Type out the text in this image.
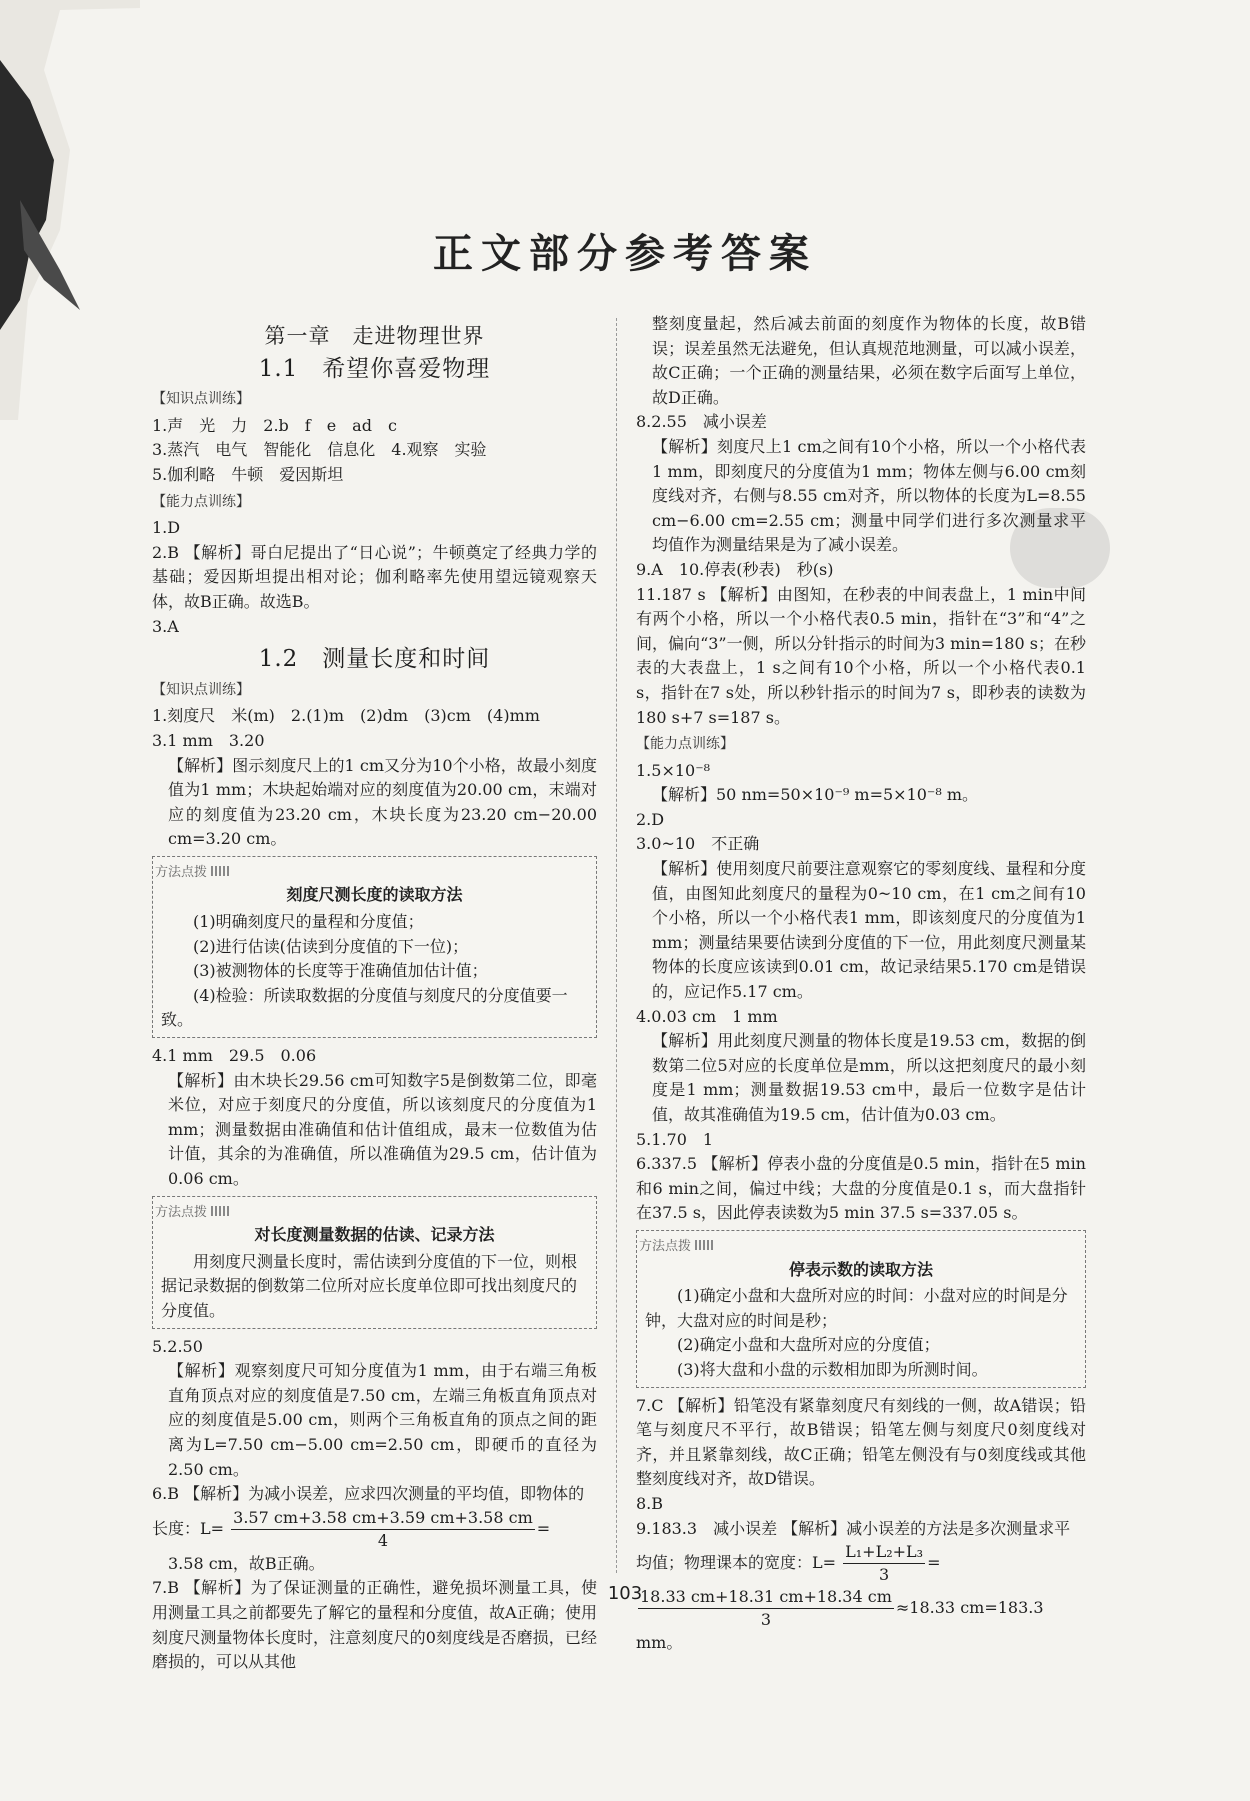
正文部分参考答案
第一章　走进物理世界
1.1　希望你喜爱物理
【知识点训练】

1.声　光　力　2.b　f　e　ad　c

3.蒸汽　电气　智能化　信息化　4.观察　实验

5.伽利略　牛顿　爱因斯坦

【能力点训练】

1.D

2.B 【解析】哥白尼提出了“日心说”；牛顿奠定了经典力学的基础；爱因斯坦提出相对论；伽利略率先使用望远镜观察天体，故B正确。故选B。

3.A

1.2　测量长度和时间
【知识点训练】

1.刻度尺　米(m)　2.(1)m　(2)dm　(3)cm　(4)mm

3.1 mm　3.20

【解析】图示刻度尺上的1 cm又分为10个小格，故最小刻度值为1 mm；木块起始端对应的刻度值为20.00 cm，末端对应的刻度值为23.20 cm，木块长度为23.20 cm−20.00 cm=3.20 cm。

方法点拨
刻度尺测长度的读取方法

(1)明确刻度尺的量程和分度值；

(2)进行估读(估读到分度值的下一位)；

(3)被测物体的长度等于准确值加估计值；

(4)检验：所读取数据的分度值与刻度尺的分度值要一致。

4.1 mm　29.5　0.06

【解析】由木块长29.56 cm可知数字5是倒数第二位，即毫米位，对应于刻度尺的分度值，所以该刻度尺的分度值为1 mm；测量数据由准确值和估计值组成，最末一位数值为估计值，其余的为准确值，所以准确值为29.5 cm，估计值为0.06 cm。

方法点拨
对长度测量数据的估读、记录方法

用刻度尺测量长度时，需估读到分度值的下一位，则根据记录数据的倒数第二位所对应长度单位即可找出刻度尺的分度值。

5.2.50

【解析】观察刻度尺可知分度值为1 mm，由于右端三角板直角顶点对应的刻度值是7.50 cm，左端三角板直角顶点对应的刻度值是5.00 cm，则两个三角板直角的顶点之间的距离为L=7.50 cm−5.00 cm=2.50 cm，即硬币的直径为2.50 cm。

6.B 【解析】为减小误差，应求四次测量的平均值，即物体的长度：$L= \frac{3.57 cm+3.58 cm+3.59 cm+3.58 cm}{4}$ =

3.58 cm，故B正确。

7.B 【解析】为了保证测量的正确性，避免损坏测量工具，使用测量工具之前都要先了解它的量程和分度值，故A正确；使用刻度尺测量物体长度时，注意刻度尺的0刻度线是否磨损，已经磨损的，可以从其他

整刻度量起，然后减去前面的刻度作为物体的长度，故B错误；误差虽然无法避免，但认真规范地测量，可以减小误差，故C正确；一个正确的测量结果，必须在数字后面写上单位，故D正确。

8.2.55　减小误差

【解析】刻度尺上1 cm之间有10个小格，所以一个小格代表1 mm，即刻度尺的分度值为1 mm；物体左侧与6.00 cm刻度线对齐，右侧与8.55 cm对齐，所以物体的长度为L=8.55 cm−6.00 cm=2.55 cm；测量中同学们进行多次测量求平均值作为测量结果是为了减小误差。

9.A　10.停表(秒表)　秒(s)

11.187 s 【解析】由图知，在秒表的中间表盘上，1 min中间有两个小格，所以一个小格代表0.5 min，指针在“3”和“4”之间，偏向“3”一侧，所以分针指示的时间为3 min=180 s；在秒表的大表盘上，1 s之间有10个小格，所以一个小格代表0.1 s，指针在7 s处，所以秒针指示的时间为7 s，即秒表的读数为180 s+7 s=187 s。

【能力点训练】

1.5×10⁻⁸

【解析】50 nm=50×10⁻⁹ m=5×10⁻⁸ m。

2.D

3.0~10　不正确

【解析】使用刻度尺前要注意观察它的零刻度线、量程和分度值，由图知此刻度尺的量程为0~10 cm，在1 cm之间有10个小格，所以一个小格代表1 mm，即该刻度尺的分度值为1 mm；测量结果要估读到分度值的下一位，用此刻度尺测量某物体的长度应该读到0.01 cm，故记录结果5.170 cm是错误的，应记作5.17 cm。

4.0.03 cm　1 mm

【解析】用此刻度尺测量的物体长度是19.53 cm，数据的倒数第二位5对应的长度单位是mm，所以这把刻度尺的最小刻度是1 mm；测量数据19.53 cm中，最后一位数字是估计值，故其准确值为19.5 cm，估计值为0.03 cm。

5.1.70　1

6.337.5 【解析】停表小盘的分度值是0.5 min，指针在5 min和6 min之间，偏过中线；大盘的分度值是0.1 s，而大盘指针在37.5 s，因此停表读数为5 min 37.5 s=337.05 s。

方法点拨
停表示数的读取方法

(1)确定小盘和大盘所对应的时间：小盘对应的时间是分钟，大盘对应的时间是秒；

(2)确定小盘和大盘所对应的分度值；

(3)将大盘和小盘的示数相加即为所测时间。

7.C 【解析】铅笔没有紧靠刻度尺有刻线的一侧，故A错误；铅笔与刻度尺不平行，故B错误；铅笔左侧与刻度尺0刻度线对齐，并且紧靠刻线，故C正确；铅笔左侧没有与0刻度线或其他整刻度线对齐，故D错误。

8.B

9.183.3　减小误差 【解析】减小误差的方法是多次测量求平均值；物理课本的宽度：$L= \frac{\text{L₁+L₂+L₃}}{3}$ =

$\frac{18.33 cm+18.31 cm+18.34 cm}{3} \approx 18.33$ cm=183.3 mm。

103
